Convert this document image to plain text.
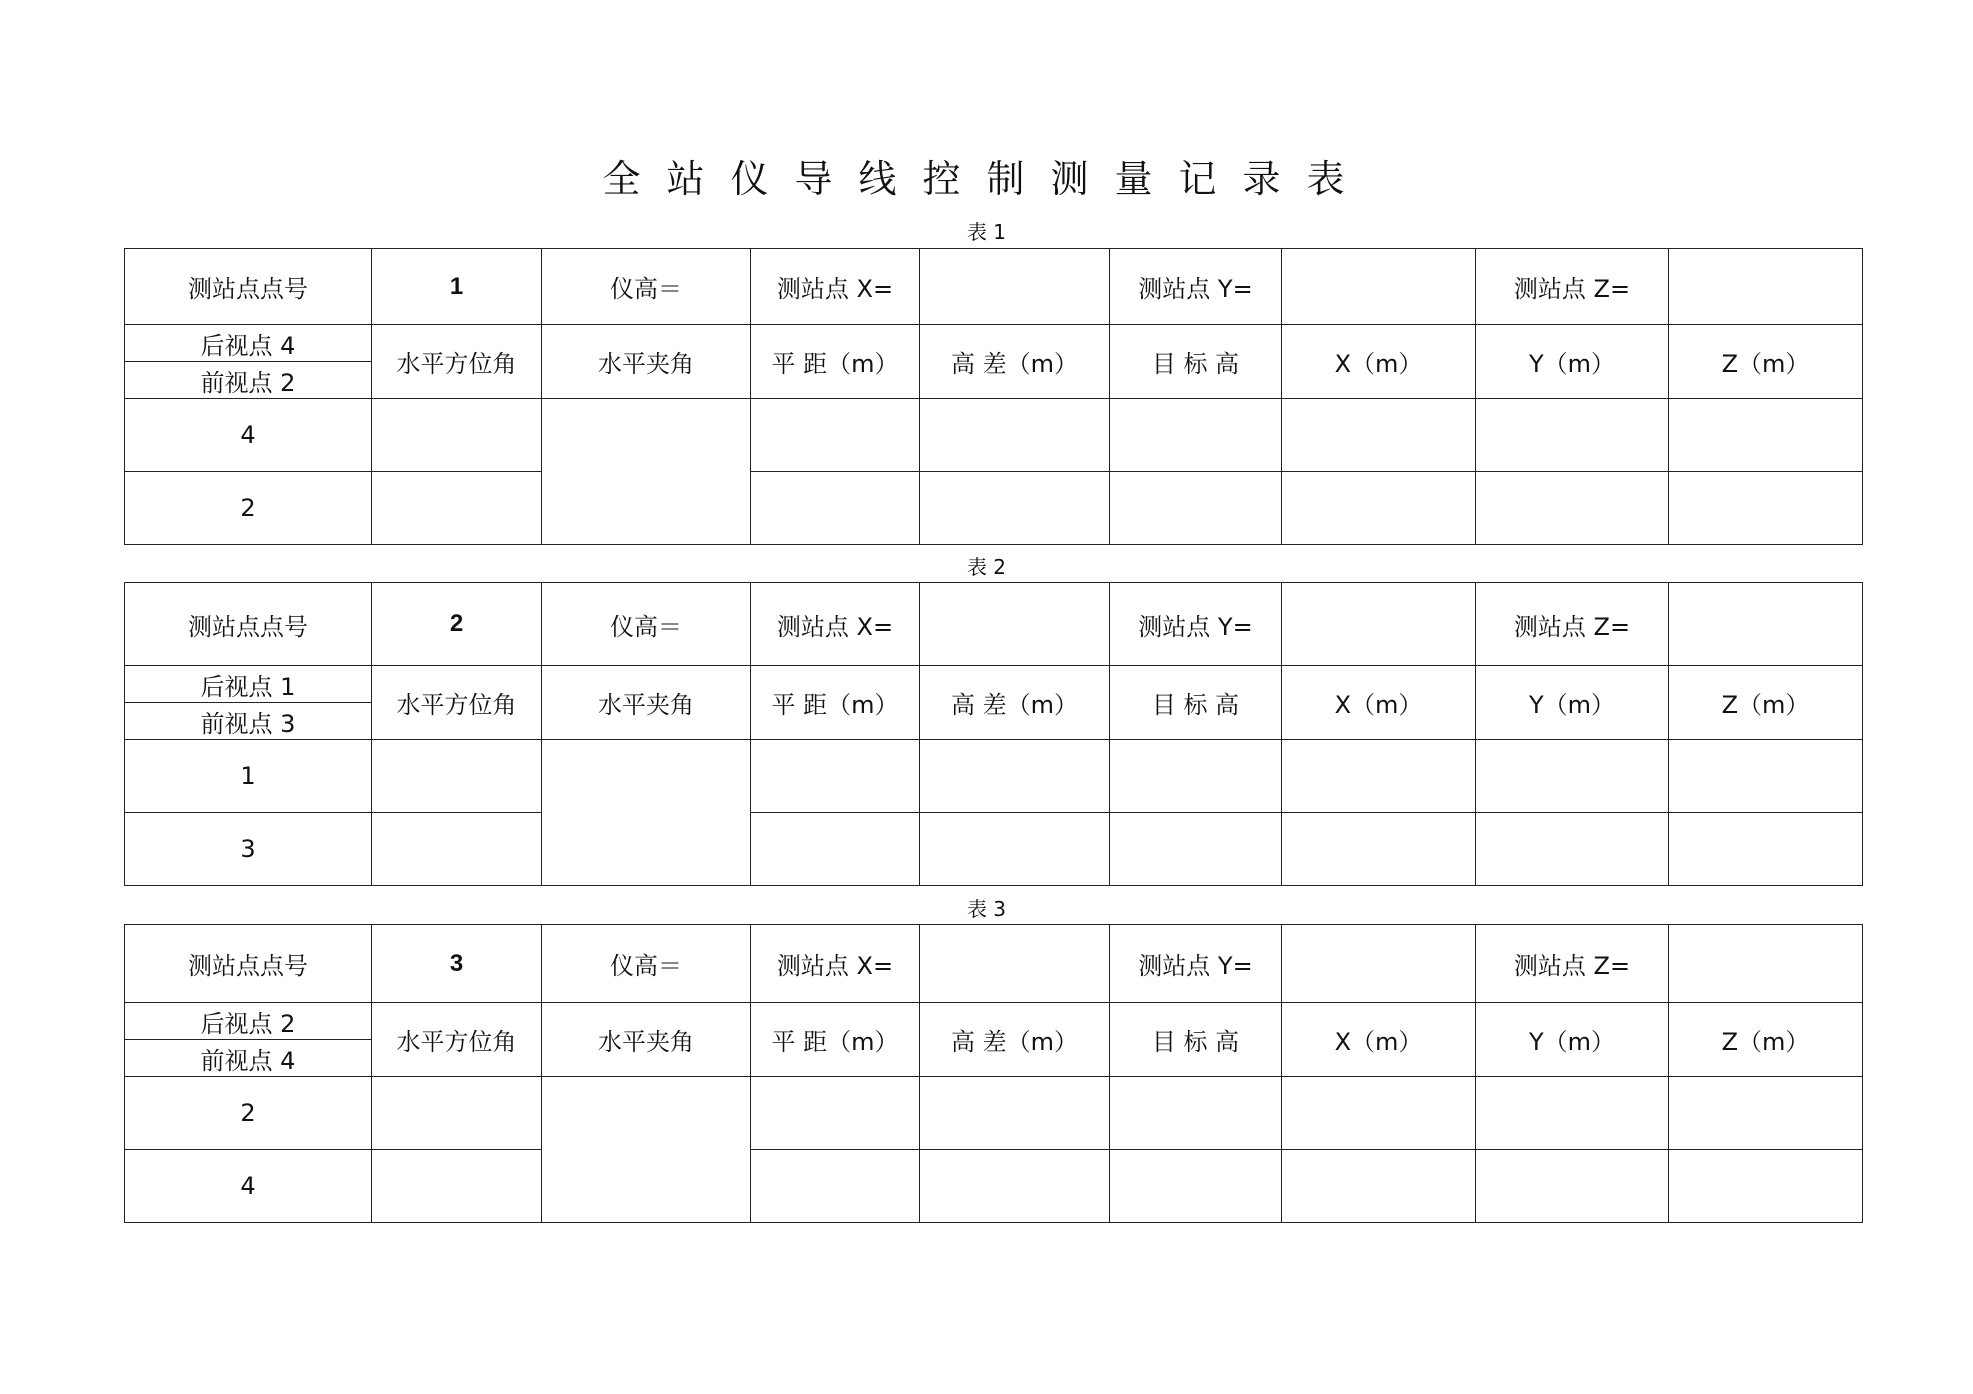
全站仪导线控制测量记录表
表 1
测站点点号	1	仪高＝	测站点 X=		测站点 Y=		测站点 Z=	
后视点 4	水平方位角	水平夹角	平 距（m）	高 差（m）	目 标 高	X（m）	Y（m）	Z（m）
前视点 2								
4								
2								
表 2
测站点点号	2	仪高＝	测站点 X=		测站点 Y=		测站点 Z=	
后视点 1	水平方位角	水平夹角	平 距（m）	高 差（m）	目 标 高	X（m）	Y（m）	Z（m）
前视点 3								
1								
3								
表 3
测站点点号	3	仪高＝	测站点 X=		测站点 Y=		测站点 Z=	
后视点 2	水平方位角	水平夹角	平 距（m）	高 差（m）	目 标 高	X（m）	Y（m）	Z（m）
前视点 4								
2								
4								
